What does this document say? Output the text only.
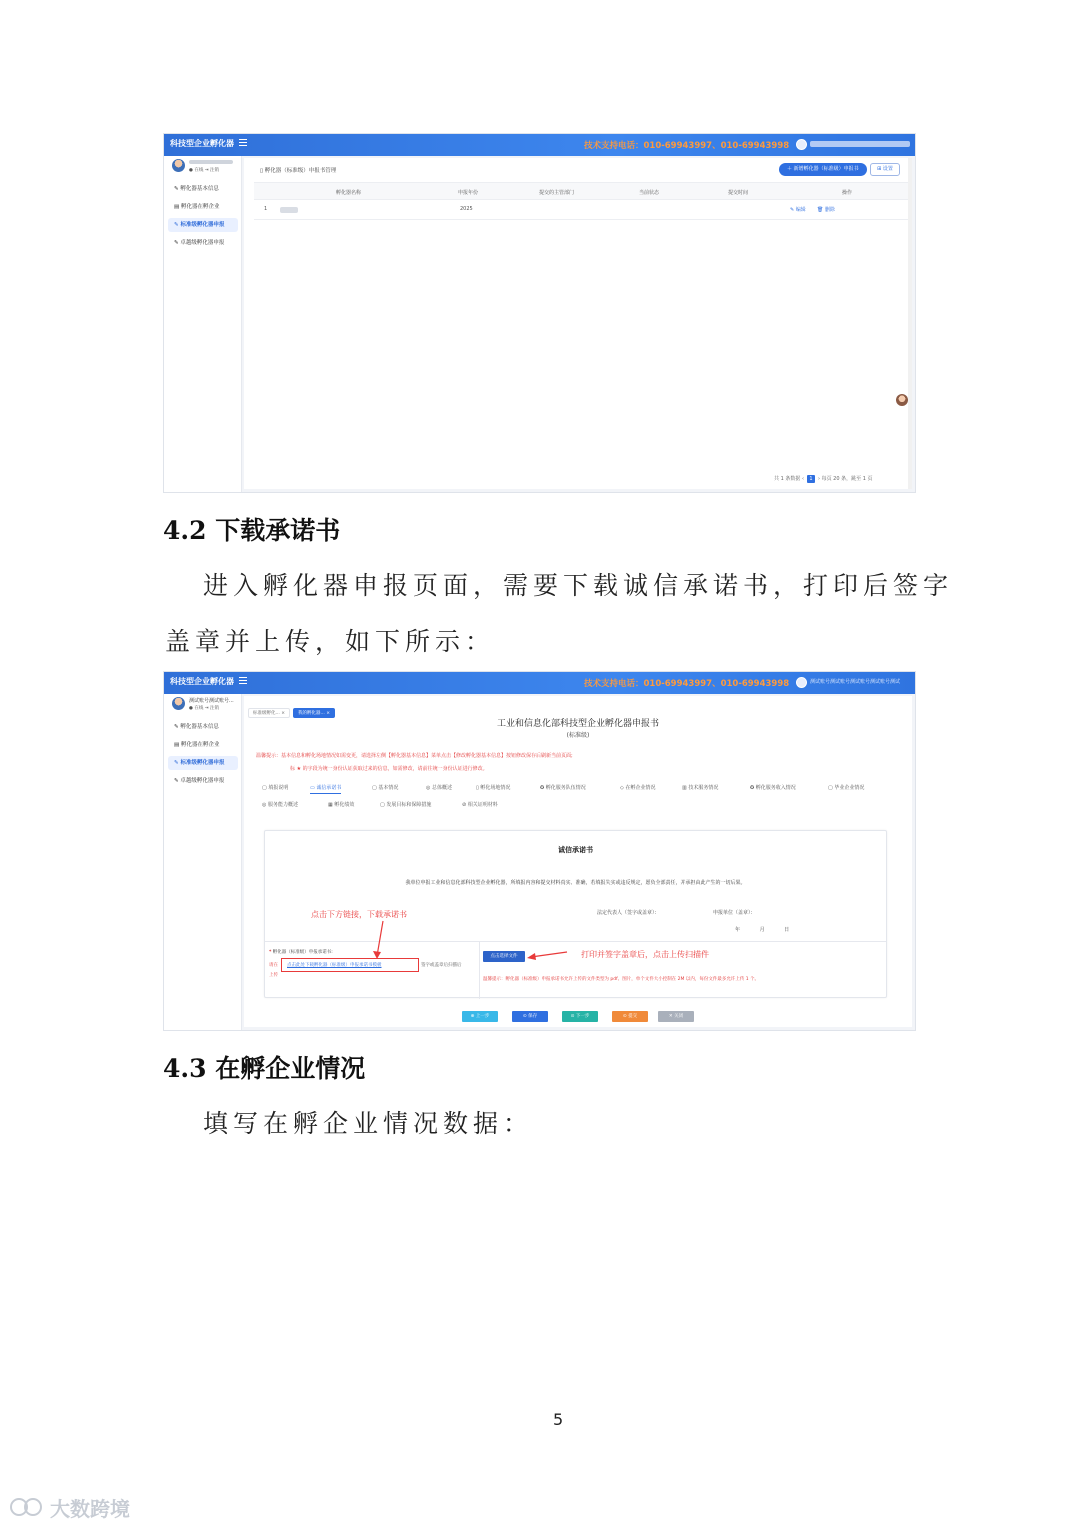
科技型企业孵化器	技术支持电话：010-69943997、010-69943998
● 在线 ⇥ 注销
✎ 孵化器基本信息
▤ 孵化器在孵企业
✎ 标准级孵化器申报
✎ 卓越级孵化器申报
▯ 孵化器（标准级）申报书管理	＋ 新增孵化器（标准级）申报书	⊞ 设置
孵化器名称	申报年份	提交的主管部门	当前状态	提交时间	操作
1	2025	✎ 编辑 🗑 删除
共 1 条数据 ‹ 1 › 每页 20 条，跳至 1 页
4.2 下载承诺书
进入孵化器申报页面，需要下载诚信承诺书，打印后签字
盖章并上传，如下所示：
科技型企业孵化器	技术支持电话：010-69943997、010-69943998	测试账号测试账号测试账号测试账号测试
测试账号测试账号...
● 在线 ⇥ 注销
✎ 孵化器基本信息
▤ 孵化器在孵企业
✎ 标准级孵化器申报
✎ 卓越级孵化器申报
标准级孵化... ×	我的孵化器... ×
工业和信息化部科技型企业孵化器申报书
(标准级)
温馨提示：基本信息和孵化场地情况如需变更，请选择左侧【孵化器基本信息】菜单点击【修改孵化器基本信息】按钮修改保存后刷新当前页面;
标 ★ 的字段为统一身份认证获取过来的信息，如需修改，请前往统一身份认证进行修改。
▢ 填报说明	▭ 诚信承诺书	▢ 基本情况	◎ 总体概述	▯ 孵化场地情况	✪ 孵化服务队伍情况	◇ 在孵企业情况	▥ 技术服务情况	✪ 孵化服务收入情况	▢ 毕业企业情况
◎ 服务能力概述	▦ 孵化绩效	▢ 发展目标和保障措施	⊘ 相关证明材料
诚信承诺书
我单位申报工业和信息化部科技型企业孵化器，所填报内容和提交材料真实、准确，若填报失实或违反规定，愿负全部责任，并承担由此产生的一切后果。
点击下方链接，下载承诺书	法定代表人（签字或盖章）：	申报单位（盖章）：
年 月 日
* 孵化器（标准级）申报承诺书:
请在
上传
点击此处下载孵化器（标准级）申报承诺书模板	签字或盖章后扫描后
点击选择文件	打印并签字盖章后，点击上传扫描件
温馨提示：孵化器（标准级）申报承诺书允许上传的文件类型为 pdf、图片，单个文件大小控制在 2M 以内，每份文件最多允许上传 1 个。
⊕ 上一步	⊙ 保存	⊙ 下一步	⊙ 提交	✕ 关闭
4.3 在孵企业情况
填写在孵企业情况数据：
5
大数跨境
